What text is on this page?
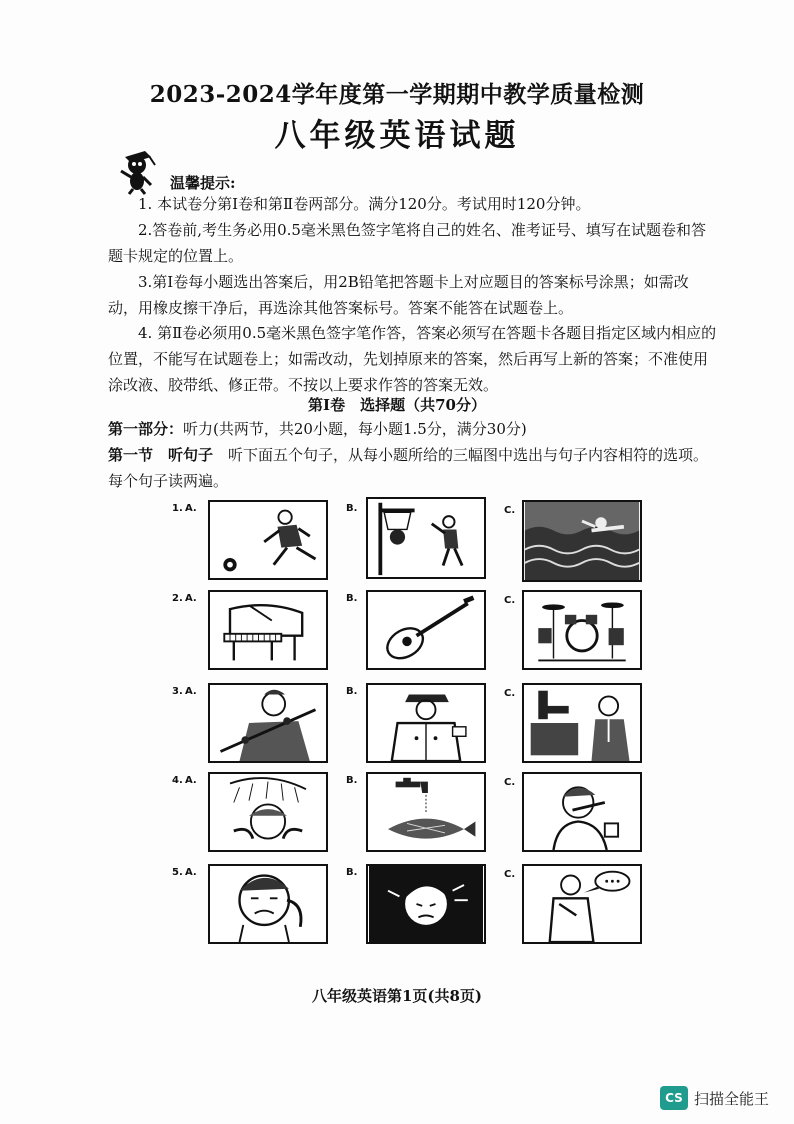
2023-2024学年度第一学期期中教学质量检测
八年级英语试题
温馨提示:
1. 本试卷分第Ⅰ卷和第Ⅱ卷两部分。满分120分。考试用时120分钟。
2.答卷前,考生务必用0.5毫米黑色签字笔将自己的姓名、准考证号、填写在试题卷和答题卡规定的位置上。
3.第Ⅰ卷每小题选出答案后，用2B铅笔把答题卡上对应题目的答案标号涂黑；如需改动，用橡皮擦干净后，再选涂其他答案标号。答案不能答在试题卷上。
4. 第Ⅱ卷必须用0.5毫米黑色签字笔作答，答案必须写在答题卡各题目指定区域内相应的位置，不能写在试题卷上；如需改动，先划掉原来的答案，然后再写上新的答案；不准使用涂改液、胶带纸、修正带。不按以上要求作答的答案无效。
第Ⅰ卷　选择题（共70分）
第一部分：听力(共两节，共20小题，每小题1.5分，满分30分)
第一节　听句子　 听下面五个句子，从每小题所给的三幅图中选出与句子内容相符的选项。每个句子读两遍。
1. A.	B.	C.
2. A.	B.	C.
3. A.	B.	C.
4. A.	B.	C.
5. A.	B.	C.
八年级英语第1页(共8页)
CS 扫描全能王
